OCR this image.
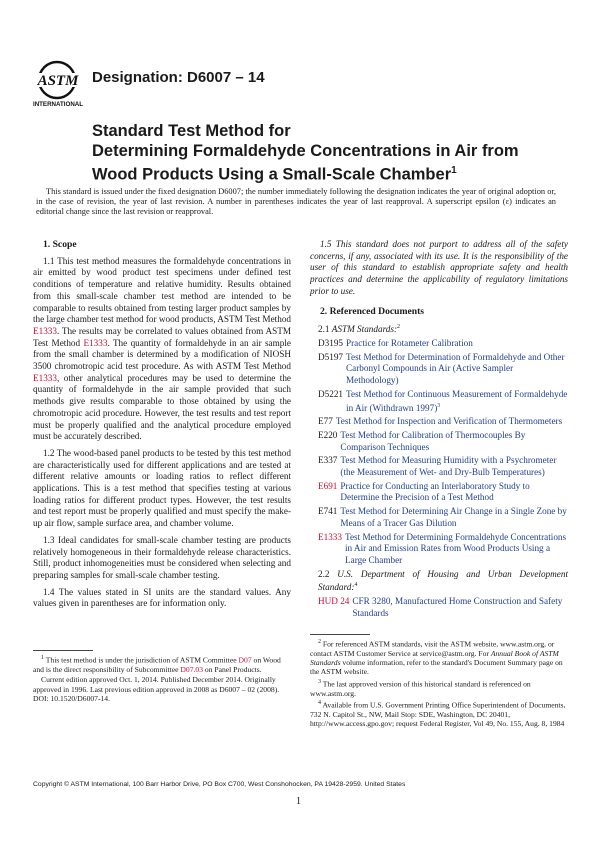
ASTM
INTERNATIONAL
Designation: D6007 – 14
Standard Test Method for
Determining Formaldehyde Concentrations in Air from
Wood Products Using a Small-Scale Chamber$^1$
This standard is issued under the fixed designation D6007; the number immediately following the designation indicates the year of original adoption or, in the case of revision, the year of last revision. A number in parentheses indicates the year of last reapproval. A superscript epsilon (ε) indicates an editorial change since the last revision or reapproval.

1. Scope

1.1 This test method measures the formaldehyde concentrations in air emitted by wood product test specimens under defined test conditions of temperature and relative humidity. Results obtained from this small-scale chamber test method are intended to be comparable to results obtained from testing larger product samples by the large chamber test method for wood products, ASTM Test Method E1333. The results may be correlated to values obtained from ASTM Test Method E1333. The quantity of formaldehyde in an air sample from the small chamber is determined by a modification of NIOSH 3500 chromotropic acid test procedure. As with ASTM Test Method E1333, other analytical procedures may be used to determine the quantity of formaldehyde in the air sample provided that such methods give results comparable to those obtained by using the chromotropic acid procedure. However, the test results and test report must be properly qualified and the analytical procedure employed must be accurately described.

1.2 The wood-based panel products to be tested by this test method are characteristically used for different applications and are tested at different relative amounts or loading ratios to reflect different applications. This is a test method that specifies testing at various loading ratios for different product types. However, the test results and test report must be properly qualified and must specify the make-up air flow, sample surface area, and chamber volume.

1.3 Ideal candidates for small-scale chamber testing are products relatively homogeneous in their formaldehyde release characteristics. Still, product inhomogeneities must be considered when selecting and preparing samples for small-scale chamber testing.

1.4 The values stated in SI units are the standard values. Any values given in parentheses are for information only.

$^1$ This test method is under the jurisdiction of ASTM Committee D07 on Wood and is the direct responsibility of Subcommittee D07.03 on Panel Products.

Current edition approved Oct. 1, 2014. Published December 2014. Originally approved in 1996. Last previous edition approved in 2008 as D6007 – 02 (2008). DOI: 10.1520/D6007-14.

1.5 This standard does not purport to address all of the safety concerns, if any, associated with its use. It is the responsibility of the user of this standard to establish appropriate safety and health practices and determine the applicability of regulatory limitations prior to use.

2. Referenced Documents

2.1 ASTM Standards:$^2$
D3195 Practice for Rotameter Calibration
D5197 Test Method for Determination of Formaldehyde and Other Carbonyl Compounds in Air (Active Sampler Methodology)
D5221 Test Method for Continuous Measurement of Formaldehyde in Air (Withdrawn 1997)$^3$
E77 Test Method for Inspection and Verification of Thermometers
E220 Test Method for Calibration of Thermocouples By Comparison Techniques
E337 Test Method for Measuring Humidity with a Psychrometer (the Measurement of Wet- and Dry-Bulb Temperatures)
E691 Practice for Conducting an Interlaboratory Study to Determine the Precision of a Test Method
E741 Test Method for Determining Air Change in a Single Zone by Means of a Tracer Gas Dilution
E1333 Test Method for Determining Formaldehyde Concentrations in Air and Emission Rates from Wood Products Using a Large Chamber
2.2 U.S. Department of Housing and Urban Development Standard:$^4$
HUD 24 CFR 3280, Manufactured Home Construction and Safety Standards

$^2$ For referenced ASTM standards, visit the ASTM website, www.astm.org, or contact ASTM Customer Service at service@astm.org. For Annual Book of ASTM Standards volume information, refer to the standard's Document Summary page on the ASTM website.

$^3$ The last approved version of this historical standard is referenced on www.astm.org.

$^4$ Available from U.S. Government Printing Office Superintendent of Documents, 732 N. Capitol St., NW, Mail Stop: SDE, Washington, DC 20401, http://www.access.gpo.gov; request Federal Register, Vol 49, No. 155, Aug. 8, 1984

Copyright © ASTM International, 100 Barr Harbor Drive, PO Box C700, West Conshohocken, PA 19428-2959. United States
1
